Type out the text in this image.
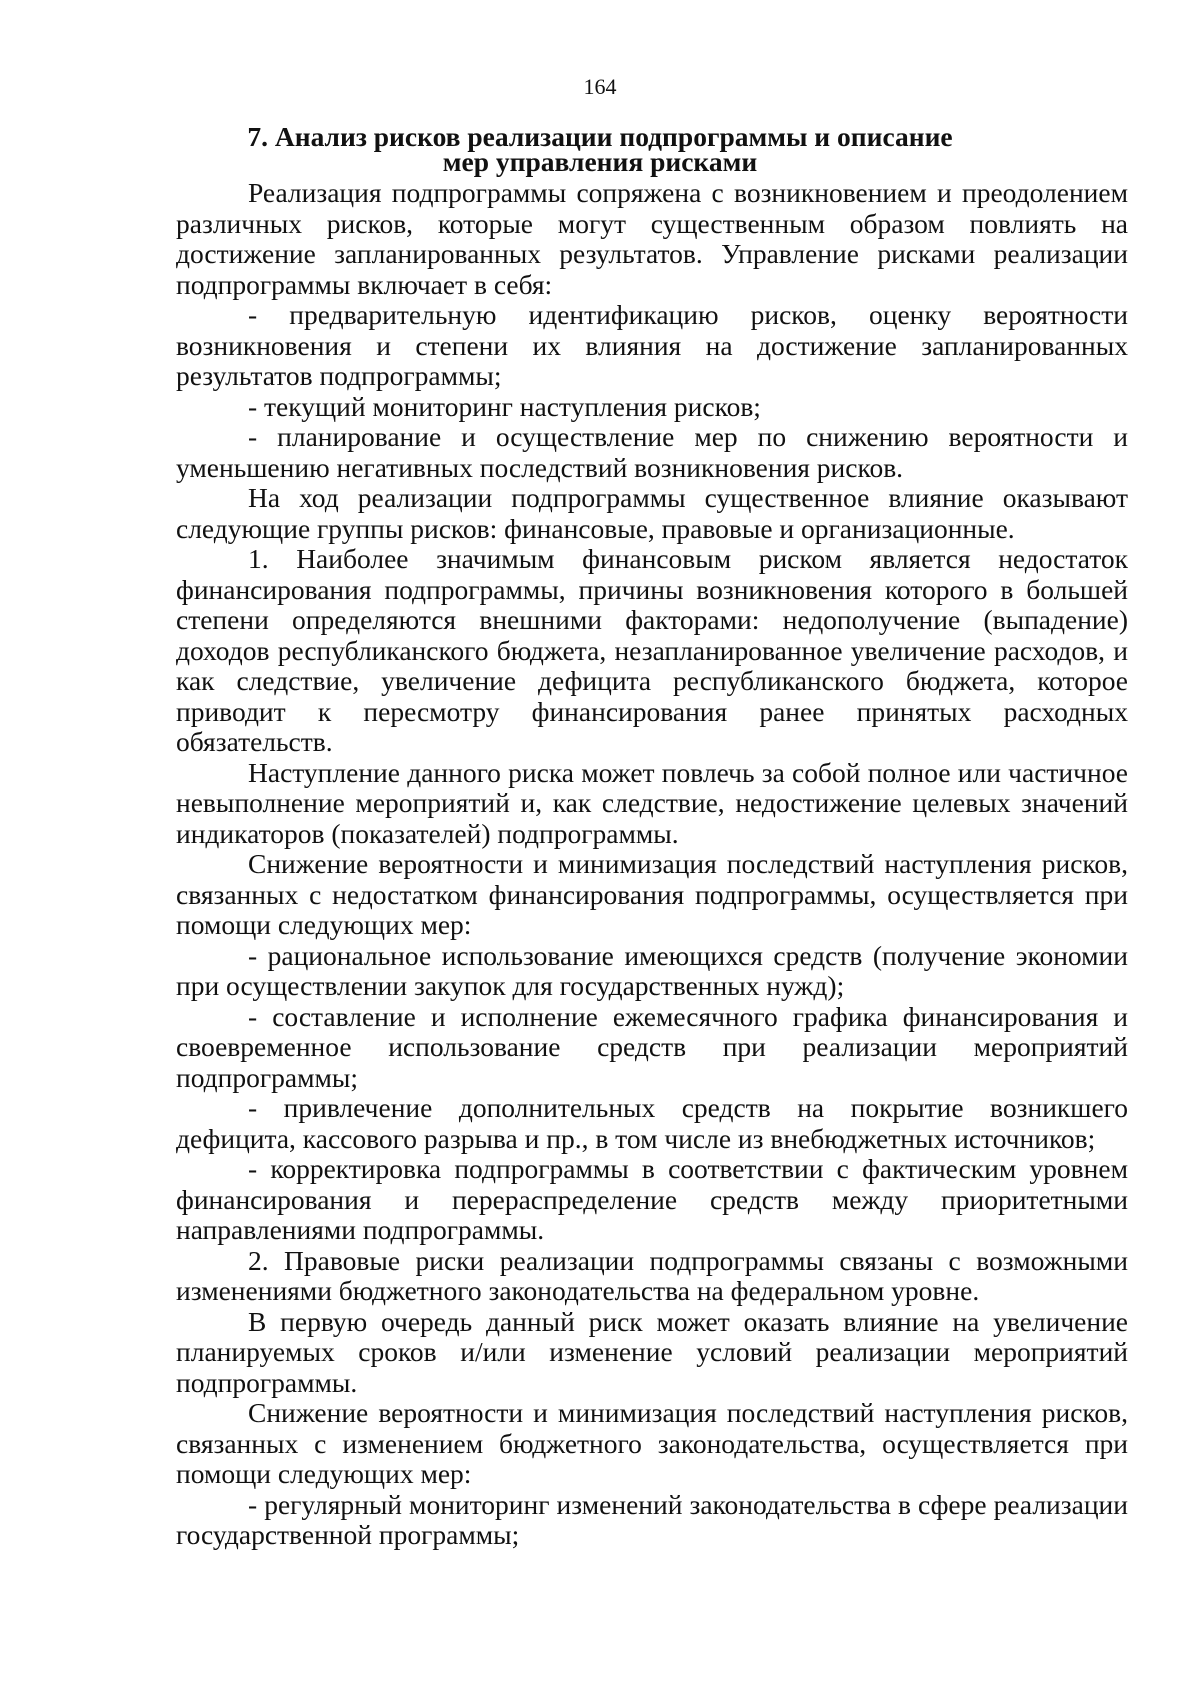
164
7. Анализ рисков реализации подпрограммы и описание
мер управления рисками

Реализация подпрограммы сопряжена с возникновением и преодолением различных рисков, которые могут существенным образом повлиять на достижение запланированных результатов. Управление рисками реализации подпрограммы включает в себя:

- предварительную идентификацию рисков, оценку вероятности возникновения и степени их влияния на достижение запланированных результатов подпрограммы;

- текущий мониторинг наступления рисков;

- планирование и осуществление мер по снижению вероятности и уменьшению негативных последствий возникновения рисков.

На ход реализации подпрограммы существенное влияние оказывают следующие группы рисков: финансовые, правовые и организационные.

1. Наиболее значимым финансовым риском является недостаток финансирования подпрограммы, причины возникновения которого в большей степени определяются внешними факторами: недополучение (выпадение) доходов республиканского бюджета, незапланированное увеличение расходов, и как следствие, увеличение дефицита республиканского бюджета, которое приводит к пересмотру финансирования ранее принятых расходных обязательств.

Наступление данного риска может повлечь за собой полное или частичное невыполнение мероприятий и, как следствие, недостижение целевых значений индикаторов (показателей) подпрограммы.

Снижение вероятности и минимизация последствий наступления рисков, связанных с недостатком финансирования подпрограммы, осуществляется при помощи следующих мер:

- рациональное использование имеющихся средств (получение экономии при осуществлении закупок для государственных нужд);

- составление и исполнение ежемесячного графика финансирования и своевременное использование средств при реализации мероприятий подпрограммы;

- привлечение дополнительных средств на покрытие возникшего дефицита, кассового разрыва и пр., в том числе из внебюджетных источников;

- корректировка подпрограммы в соответствии с фактическим уровнем финансирования и перераспределение средств между приоритетными направлениями подпрограммы.

2. Правовые риски реализации подпрограммы связаны с возможными изменениями бюджетного законодательства на федеральном уровне.

В первую очередь данный риск может оказать влияние на увеличение планируемых сроков и/или изменение условий реализации мероприятий подпрограммы.

Снижение вероятности и минимизация последствий наступления рисков, связанных с изменением бюджетного законодательства, осуществляется при помощи следующих мер:

- регулярный мониторинг изменений законодательства в сфере реализации государственной программы;
